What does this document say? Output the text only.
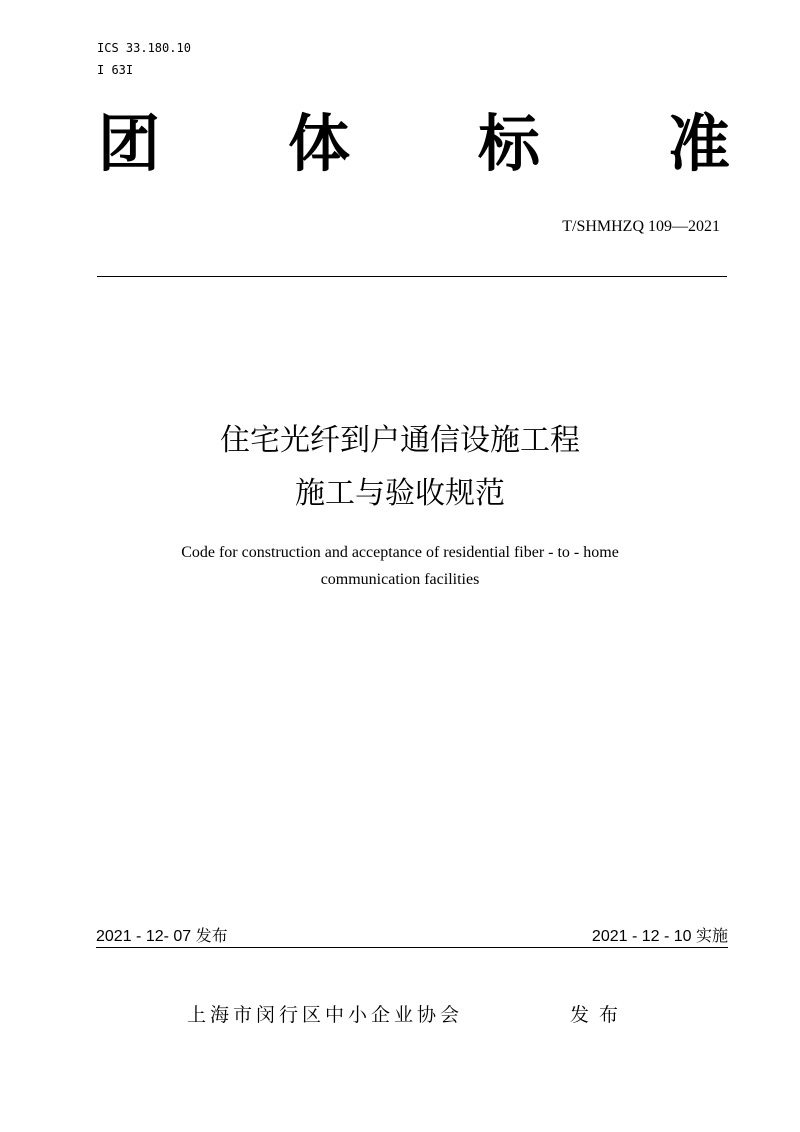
ICS 33.180.10
I 63I
团 体 标 准
T/SHMHZQ 109—2021
住宅光纤到户通信设施工程
施工与验收规范
Code for construction and acceptance of residential fiber - to - home
communication facilities
2021 - 12- 07 发布	2021 - 12 - 10 实施
上海市闵行区中小企业协会	发布
